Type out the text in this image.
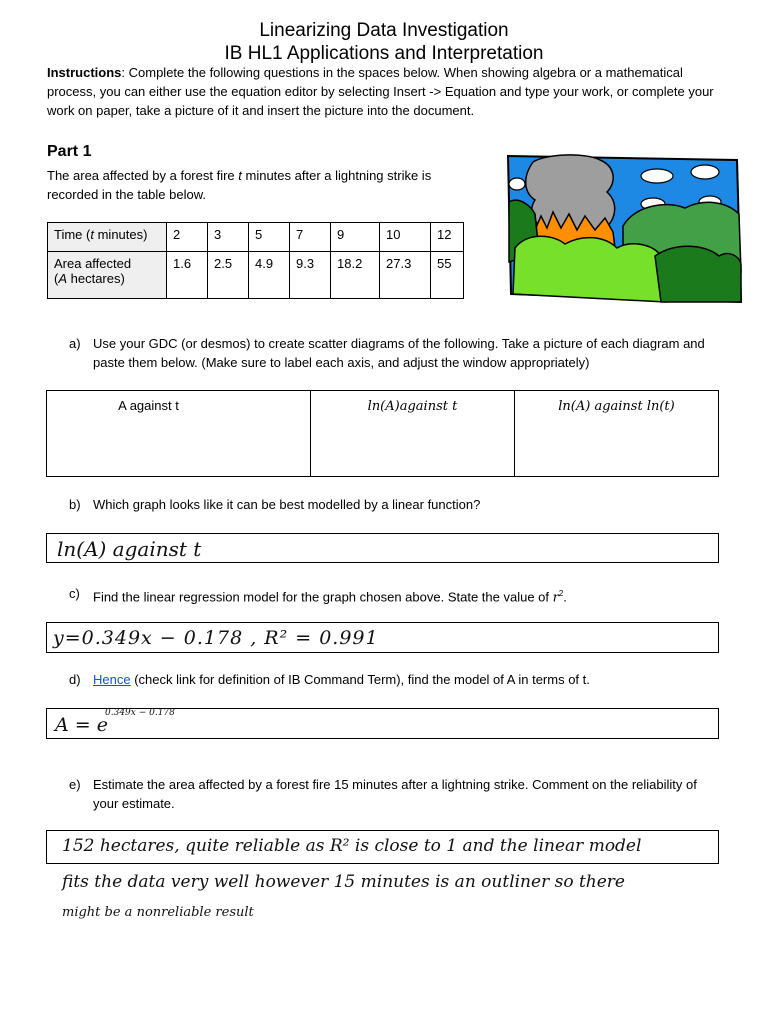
Linearizing Data Investigation
IB HL1 Applications and Interpretation
Instructions: Complete the following questions in the spaces below. When showing algebra or a mathematical process, you can either use the equation editor by selecting Insert -> Equation and type your work, or complete your work on paper, take a picture of it and insert the picture into the document.
Part 1
The area affected by a forest fire t minutes after a lightning strike is recorded in the table below.
Time (t minutes)	2	3	5	7	9	10	12
Area affected
(A hectares)	1.6	2.5	4.9	9.3	18.2	27.3	55
a) Use your GDC (or desmos) to create scatter diagrams of the following. Take a picture of each diagram and paste them below. (Make sure to label each axis, and adjust the window appropriately)
A against t	ln(A)against t	ln(A) against ln(t)
b) Which graph looks like it can be best modelled by a linear function?
ln(A) against t
c) Find the linear regression model for the graph chosen above. State the value of $r^2$.
y=0.349x − 0.178 , R² = 0.991
d) Hence (check link for definition of IB Command Term), find the model of A in terms of t.
A = e
0.349x − 0.178
e) Estimate the area affected by a forest fire 15 minutes after a lightning strike. Comment on the reliability of your estimate.
152 hectares, quite reliable as R² is close to 1 and the linear model
fits the data very well however 15 minutes is an outliner so there
might be a nonreliable result
